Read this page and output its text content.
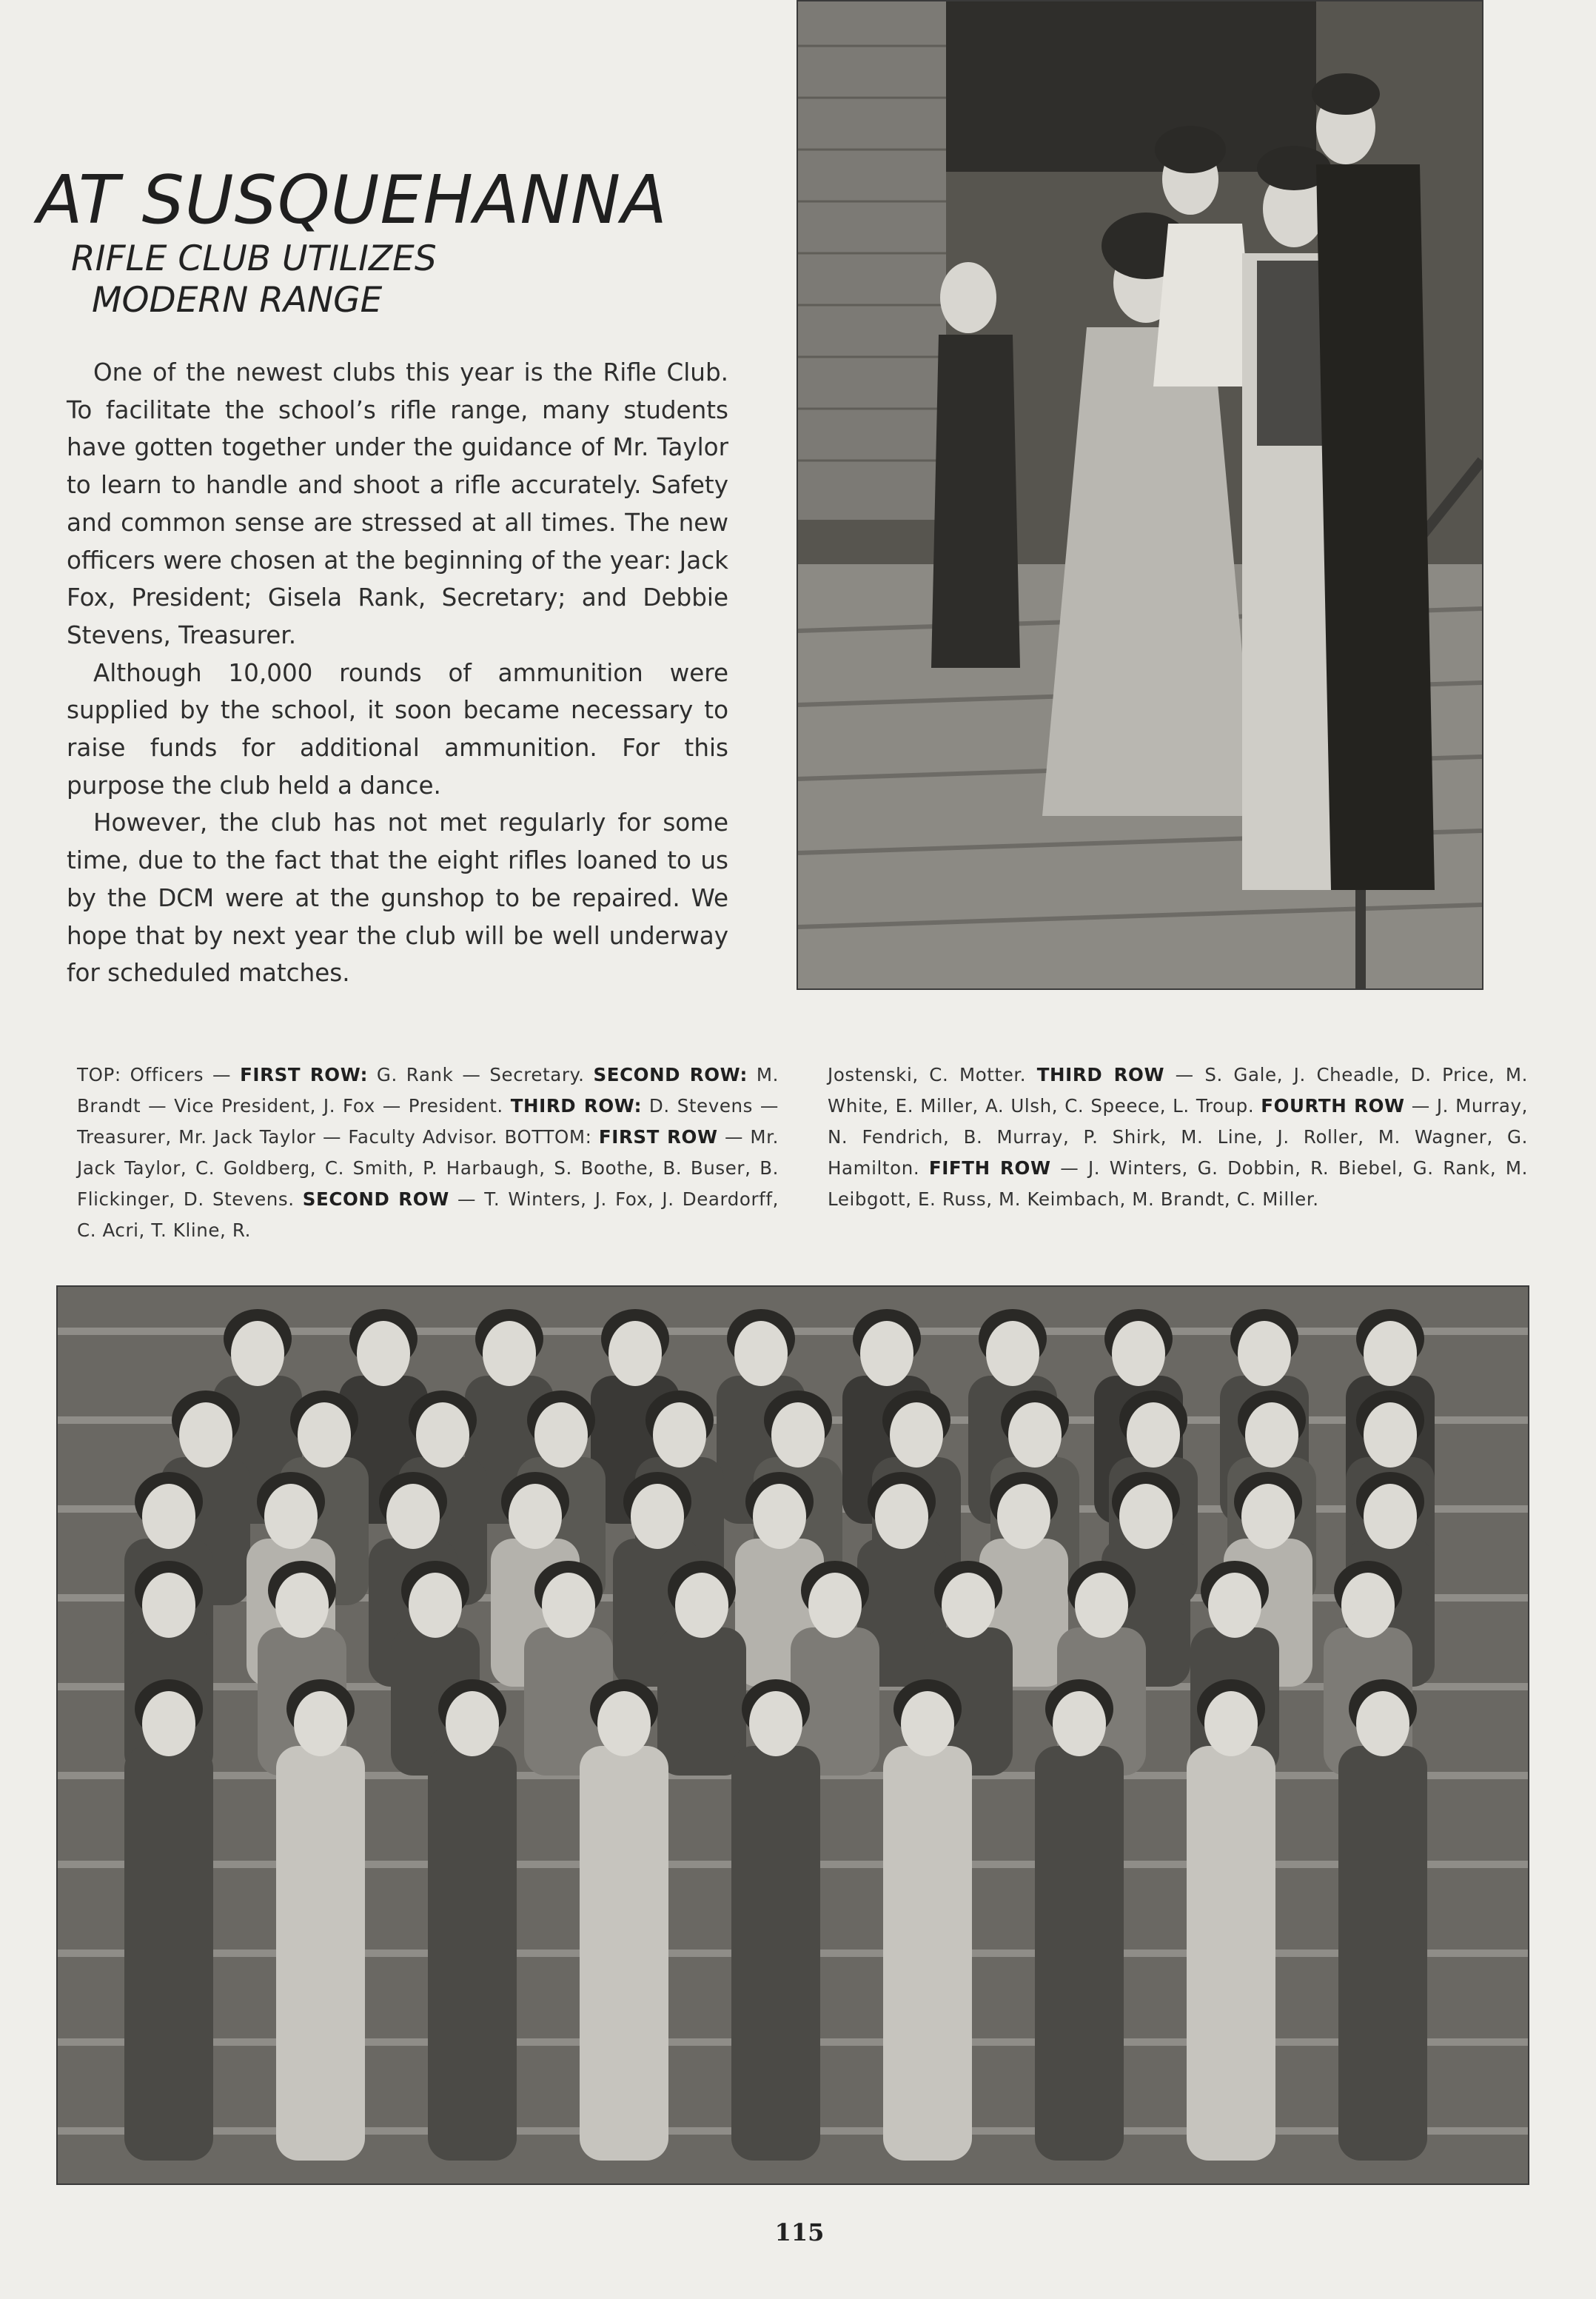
AT SUSQUEHANNA
RIFLE CLUB UTILIZES
MODERN RANGE

One of the newest clubs this year is the Rifle Club. To facilitate the school’s rifle range, many students have gotten together under the guidance of Mr. Taylor to learn to handle and shoot a rifle accurately. Safety and common sense are stressed at all times. The new officers were chosen at the beginning of the year: Jack Fox, President; Gisela Rank, Secretary; and Debbie Stevens, Treasurer.

Although 10,000 rounds of ammunition were supplied by the school, it soon became necessary to raise funds for additional ammunition. For this purpose the club held a dance.

However, the club has not met regularly for some time, due to the fact that the eight rifles loaned to us by the DCM were at the gunshop to be repaired. We hope that by next year the club will be well underway for scheduled matches.

TOP: Officers — FIRST ROW: G. Rank — Secretary. SECOND ROW: M. Brandt — Vice President, J. Fox — President. THIRD ROW: D. Stevens — Treasurer, Mr. Jack Taylor — Faculty Advisor. BOTTOM: FIRST ROW — Mr. Jack Taylor, C. Goldberg, C. Smith, P. Harbaugh, S. Boothe, B. Buser, B. Flickinger, D. Stevens. SECOND ROW — T. Winters, J. Fox, J. Deardorff, C. Acri, T. Kline, R.
Jostenski, C. Motter. THIRD ROW — S. Gale, J. Cheadle, D. Price, M. White, E. Miller, A. Ulsh, C. Speece, L. Troup. FOURTH ROW — J. Murray, N. Fendrich, B. Murray, P. Shirk, M. Line, J. Roller, M. Wagner, G. Hamilton. FIFTH ROW — J. Winters, G. Dobbin, R. Biebel, G. Rank, M. Leibgott, E. Russ, M. Keimbach, M. Brandt, C. Miller.
115
